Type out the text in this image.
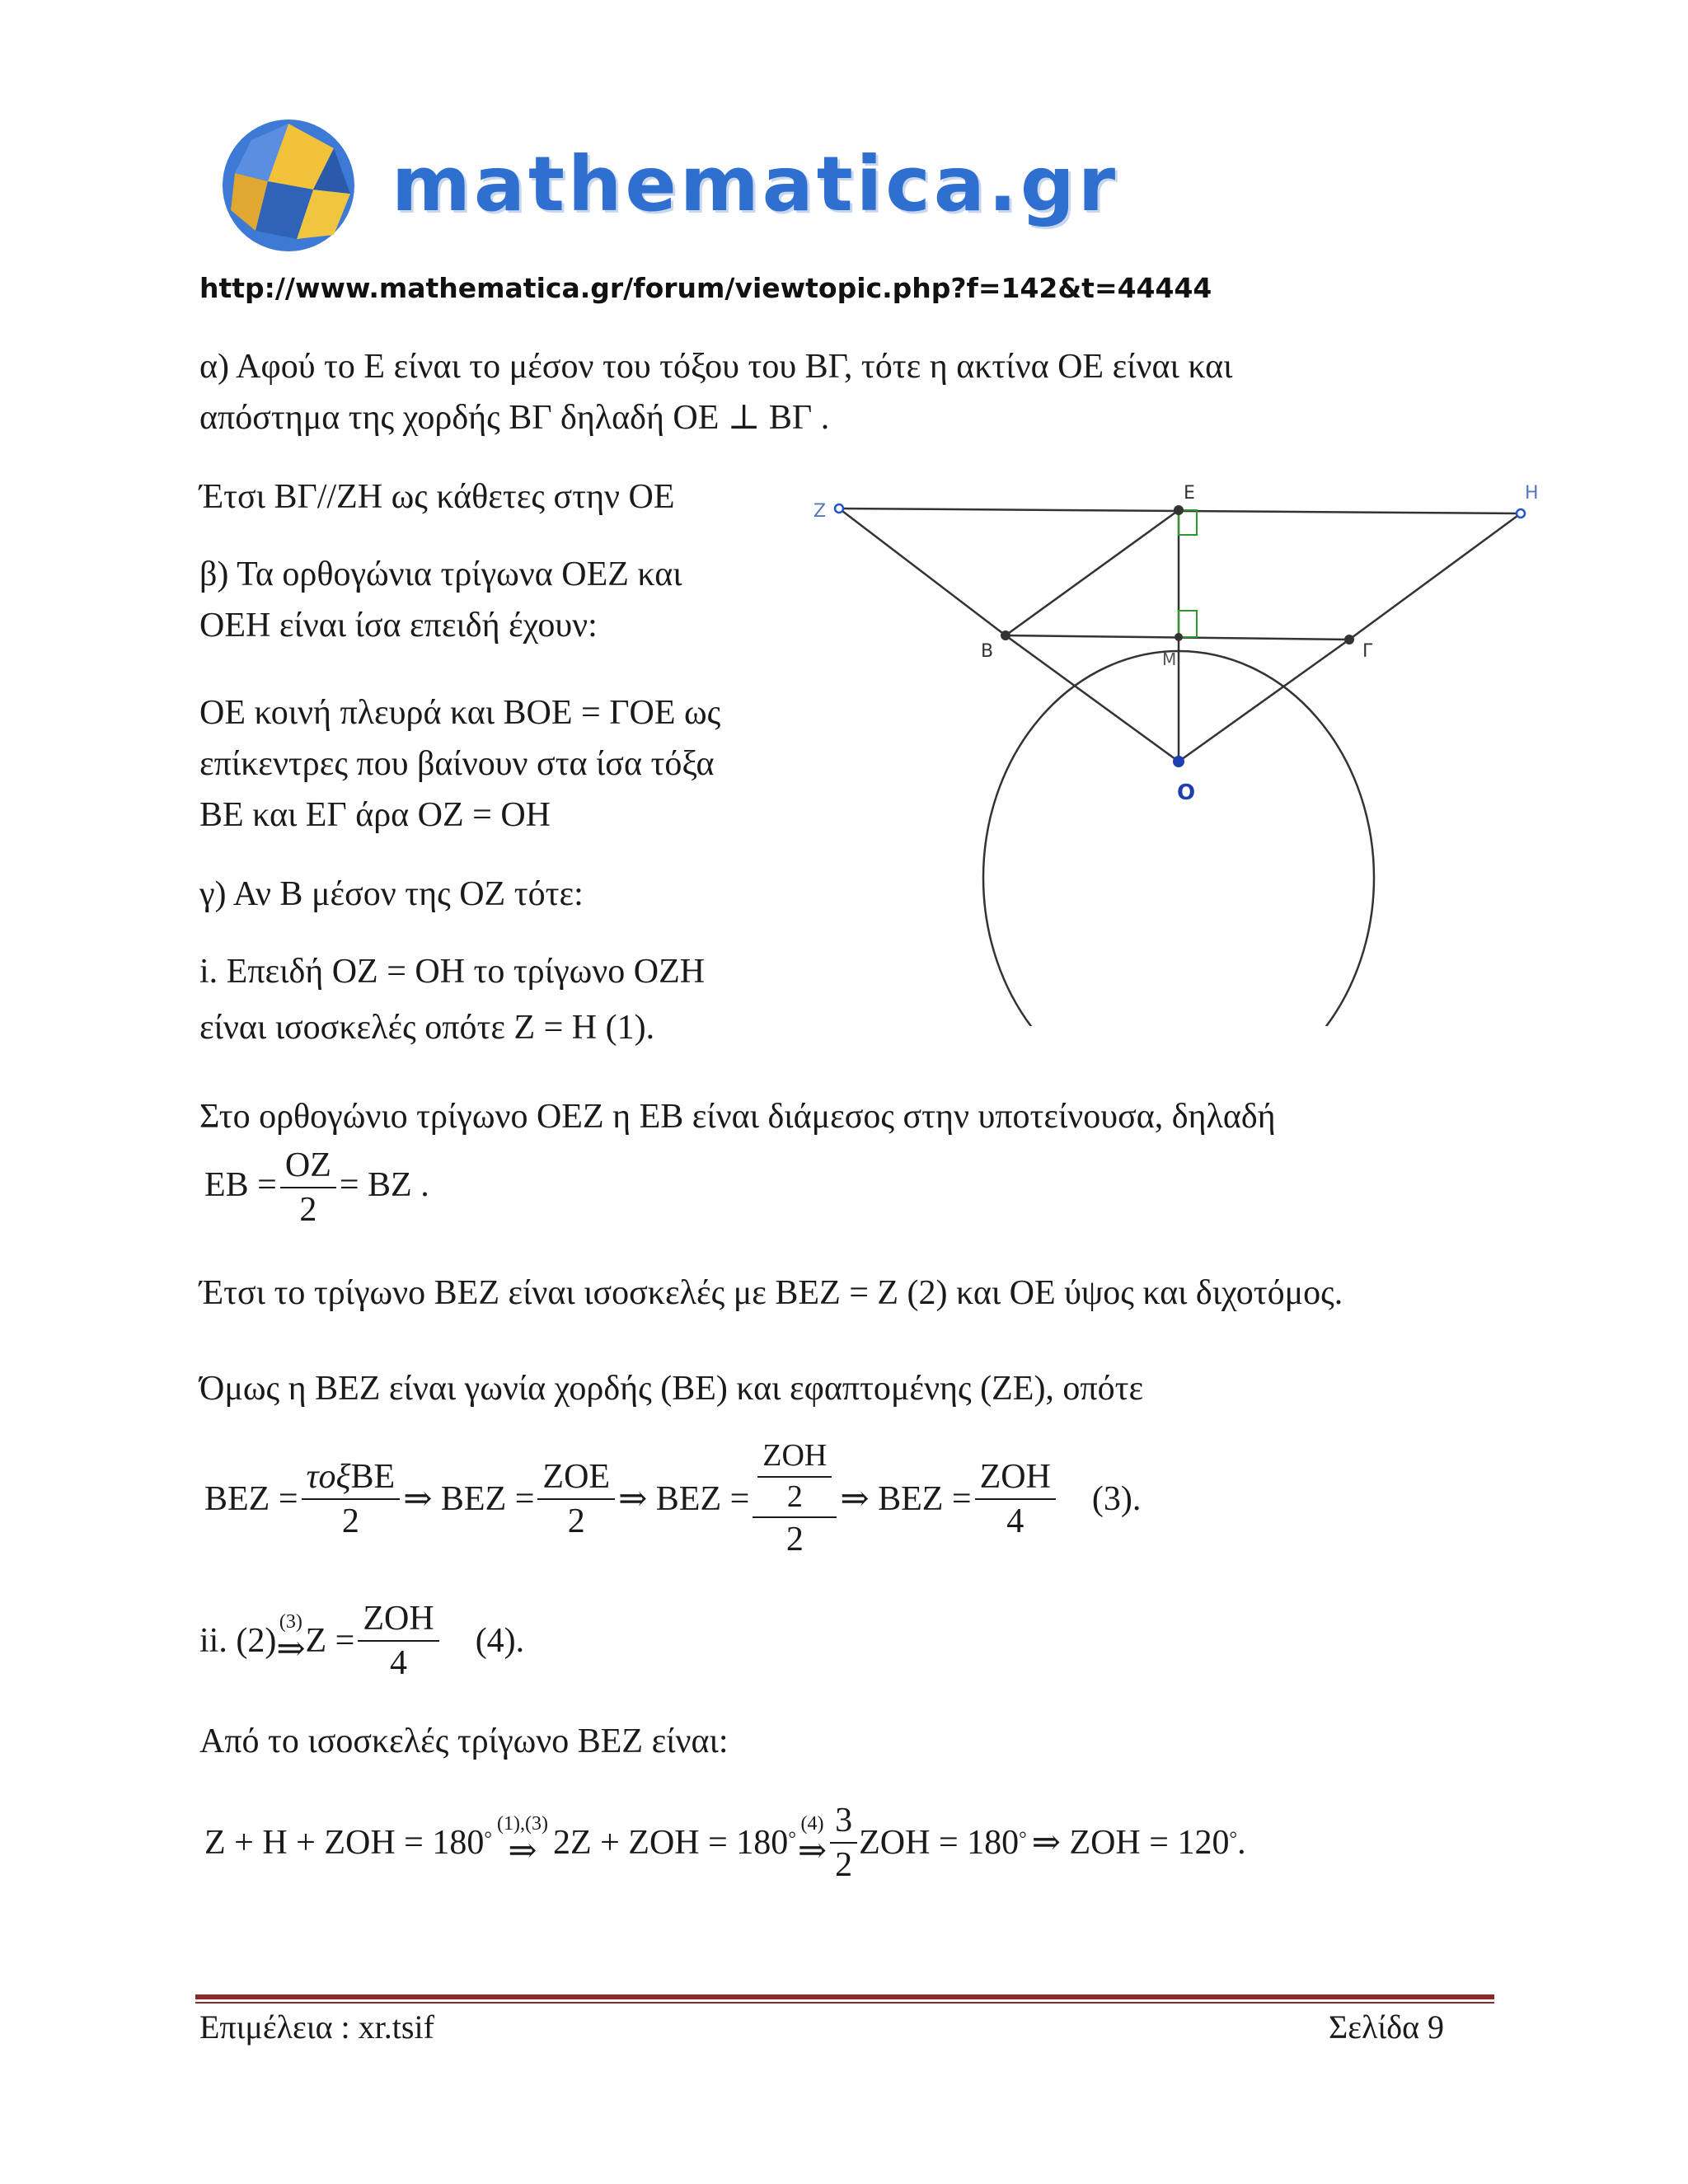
mathematica.gr
http://www.mathematica.gr/forum/viewtopic.php?f=142&t=44444
α) Αφού το Ε είναι το μέσον του τόξου του ΒΓ, τότε η ακτίνα ΟΕ είναι και
απόστημα της χορδής ΒΓ δηλαδή ΟΕ ⊥ ΒΓ .
Έτσι ΒΓ//ΖΗ ως κάθετες στην ΟΕ
β) Τα ορθογώνια τρίγωνα ΟΕΖ και
ΟΕΗ είναι ίσα επειδή έχουν:
ΟΕ κοινή πλευρά και ΒΟΕ = ΓΟΕ ως
επίκεντρες που βαίνουν στα ίσα τόξα
ΒΕ και ΕΓ άρα ΟΖ = ΟΗ
γ) Αν Β μέσον της ΟΖ τότε:
i. Επειδή ΟΖ = ΟΗ το τρίγωνο ΟΖΗ
είναι ισοσκελές οπότε Ζ = Η (1).
Z
E	H
B	M	Γ
O
Στο ορθογώνιο τρίγωνο ΟΕΖ η ΕΒ είναι διάμεσος στην υποτείνουσα, δηλαδή
$EB = \frac{OZ}{2} = BZ$ .
Έτσι το τρίγωνο ΒΕΖ είναι ισοσκελές με ΒΕΖ = Ζ (2) και ΟΕ ύψος και διχοτόμος.
Όμως η ΒΕΖ είναι γωνία χορδής (ΒΕ) και εφαπτομένης (ΖΕ), οπότε
$BEZ = \frac{\text{τοξΒΕ}}{2}$ ⇒ $BEZ = \frac{\text{ΖΟΕ}}{2}$ ⇒ $BEZ = \frac{\frac{\text{ΖΟΗ}}{2}}{2}$ ⇒ $BEZ = \frac{\text{ΖΟΗ}}{4} (3)$.
ii. (2) (3)
⇒ $Z = \frac{\text{ΖΟΗ}}{4} (4)$.
Από το ισοσκελές τρίγωνο ΒΕΖ είναι:
Ζ + Η + ΖΟΗ = 180 °
(1),(3)
⇒ 2Ζ + ΖΟΗ = 180 °
(4)
⇒ $\frac{3}{2}$ ΖΟΗ = 180 ° ⇒ ΖΟΗ = 120 ° .
Επιμέλεια : xr.tsif	Σελίδα 9
